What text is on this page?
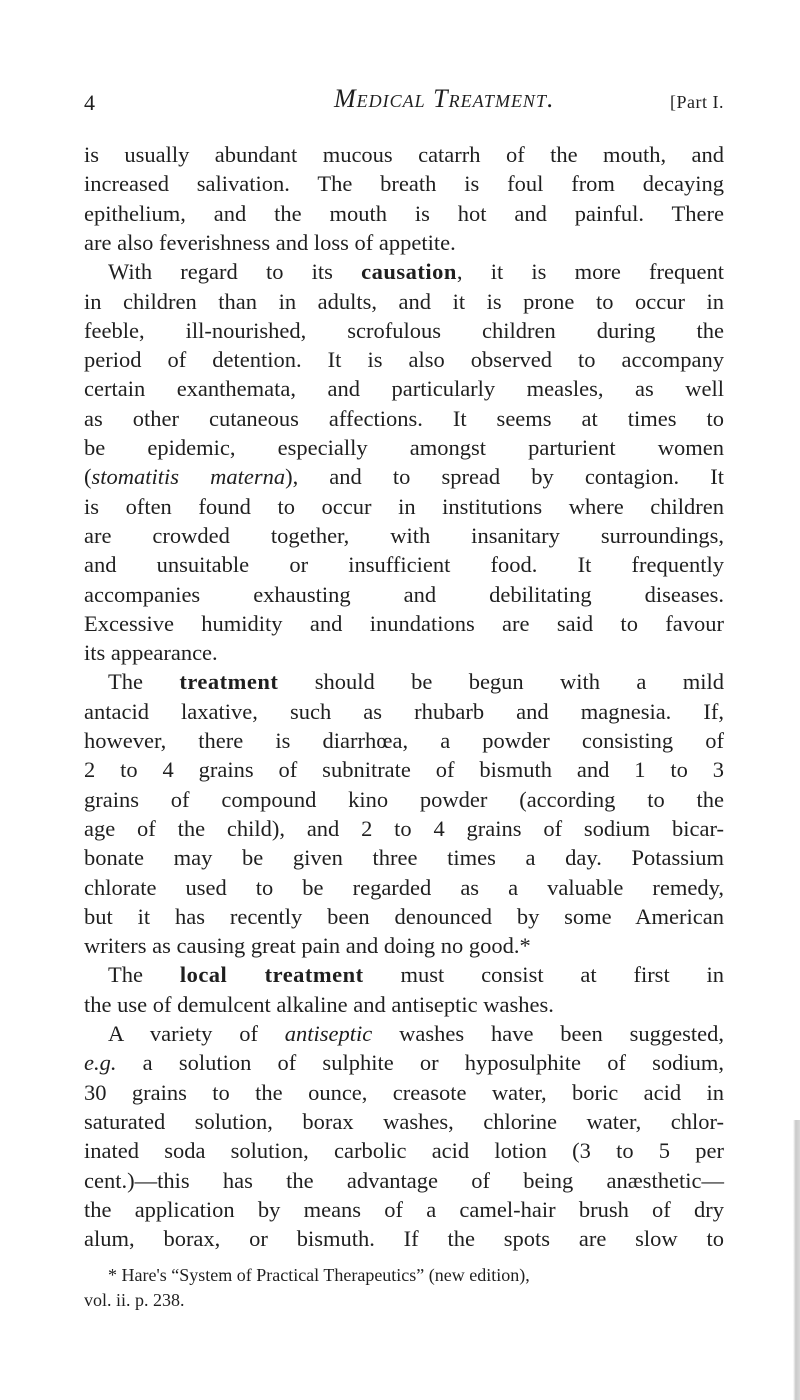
4	Medical Treatment.	[Part I.
is usually abundant mucous catarrh of the mouth, and
increased salivation. The breath is foul from decaying
epithelium, and the mouth is hot and painful. There
are also feverishness and loss of appetite.
With regard to its causation, it is more frequent
in children than in adults, and it is prone to occur in
feeble, ill-nourished, scrofulous children during the
period of detention. It is also observed to accompany
certain exanthemata, and particularly measles, as well
as other cutaneous affections. It seems at times to
be epidemic, especially amongst parturient women
(stomatitis materna), and to spread by contagion. It
is often found to occur in institutions where children
are crowded together, with insanitary surroundings,
and unsuitable or insufficient food. It frequently
accompanies exhausting and debilitating diseases.
Excessive humidity and inundations are said to favour
its appearance.
The treatment should be begun with a mild
antacid laxative, such as rhubarb and magnesia. If,
however, there is diarrhœa, a powder consisting of
2 to 4 grains of subnitrate of bismuth and 1 to 3
grains of compound kino powder (according to the
age of the child), and 2 to 4 grains of sodium bicar-
bonate may be given three times a day. Potassium
chlorate used to be regarded as a valuable remedy,
but it has recently been denounced by some American
writers as causing great pain and doing no good.*
The local treatment must consist at first in
the use of demulcent alkaline and antiseptic washes.
A variety of antiseptic washes have been suggested,
e.g. a solution of sulphite or hyposulphite of sodium,
30 grains to the ounce, creasote water, boric acid in
saturated solution, borax washes, chlorine water, chlor-
inated soda solution, carbolic acid lotion (3 to 5 per
cent.)—this has the advantage of being anæsthetic—
the application by means of a camel-hair brush of dry
alum, borax, or bismuth. If the spots are slow to
* Hare's “System of Practical Therapeutics” (new edition),
vol. ii. p. 238.
